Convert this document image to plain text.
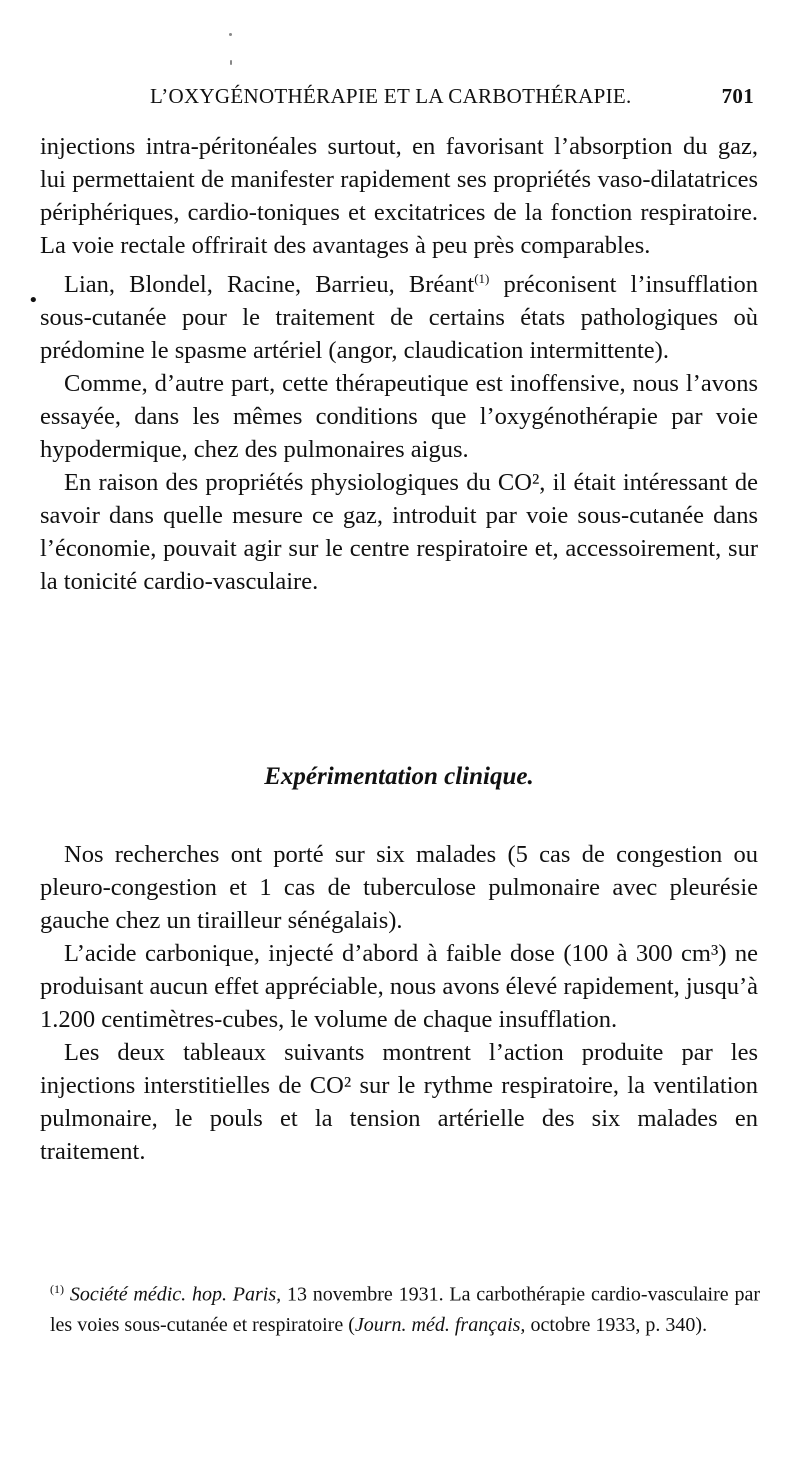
L’OXYGÉNOTHÉRAPIE ET LA CARBOTHÉRAPIE.	701

injections intra-péritonéales surtout, en favorisant l’absorption du gaz, lui permettaient de manifester rapidement ses propriétés vaso-dilatatrices périphériques, cardio-toniques et excitatrices de la fonction respiratoire. La voie rectale offrirait des avantages à peu près comparables.

Lian, Blondel, Racine, Barrieu, Bréant$^{(1)}$ préconisent l’insufflation sous-cutanée pour le traitement de certains états pathologiques où prédomine le spasme artériel (angor, claudication intermittente).

Comme, d’autre part, cette thérapeutique est inoffensive, nous l’avons essayée, dans les mêmes conditions que l’oxygénothérapie par voie hypodermique, chez des pulmonaires aigus.

En raison des propriétés physiologiques du CO², il était intéressant de savoir dans quelle mesure ce gaz, introduit par voie sous-cutanée dans l’économie, pouvait agir sur le centre respiratoire et, accessoirement, sur la tonicité cardio-vasculaire.

•
Expérimentation clinique.

Nos recherches ont porté sur six malades (5 cas de congestion ou pleuro-congestion et 1 cas de tuberculose pulmonaire avec pleurésie gauche chez un tirailleur sénégalais).

L’acide carbonique, injecté d’abord à faible dose (100 à 300 cm³) ne produisant aucun effet appréciable, nous avons élevé rapidement, jusqu’à 1.200 centimètres-cubes, le volume de chaque insufflation.

Les deux tableaux suivants montrent l’action produite par les injections interstitielles de CO² sur le rythme respiratoire, la ventilation pulmonaire, le pouls et la tension artérielle des six malades en traitement.

$^{(1)}$ Société médic. hop. Paris, 13 novembre 1931. La carbothérapie cardio-vasculaire par les voies sous-cutanée et respiratoire (Journ. méd. français, octobre 1933, p. 340).
